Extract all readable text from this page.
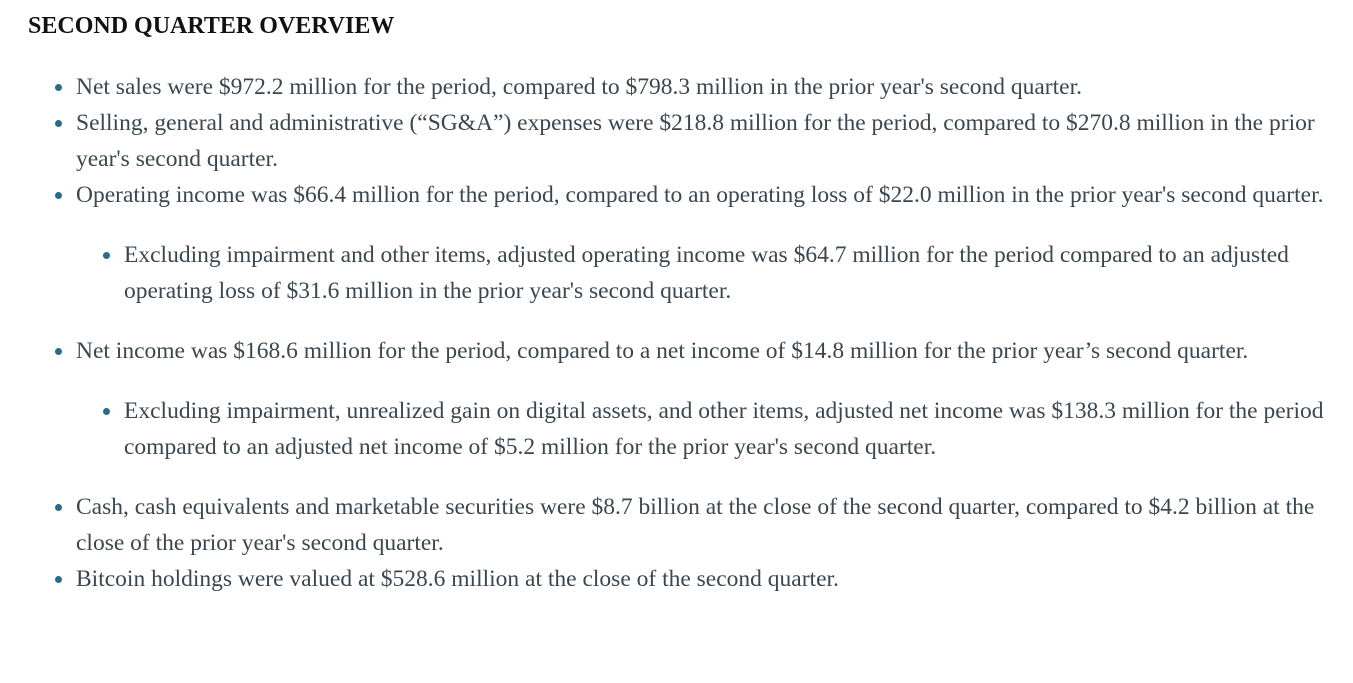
SECOND QUARTER OVERVIEW
Net sales were $972.2 million for the period, compared to $798.3 million in the prior year's second quarter.
Selling, general and administrative (“SG&A”) expenses were $218.8 million for the period, compared to $270.8 million in the prior year's second quarter.
Operating income was $66.4 million for the period, compared to an operating loss of $22.0 million in the prior year's second quarter.
Excluding impairment and other items, adjusted operating income was $64.7 million for the period compared to an adjusted operating loss of $31.6 million in the prior year's second quarter.
Net income was $168.6 million for the period, compared to a net income of $14.8 million for the prior year’s second quarter.
Excluding impairment, unrealized gain on digital assets, and other items, adjusted net income was $138.3 million for the period compared to an adjusted net income of $5.2 million for the prior year's second quarter.
Cash, cash equivalents and marketable securities were $8.7 billion at the close of the second quarter, compared to $4.2 billion at the close of the prior year's second quarter.
Bitcoin holdings were valued at $528.6 million at the close of the second quarter.
